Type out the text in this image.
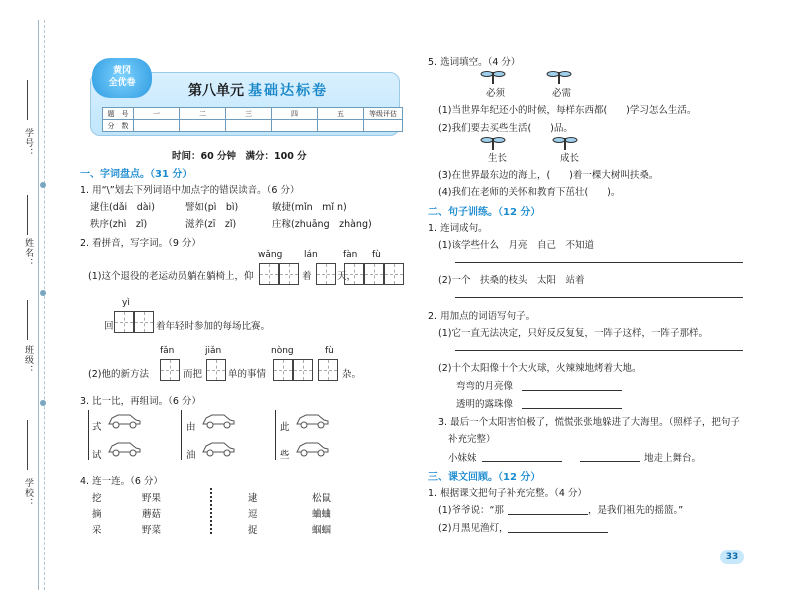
学号：
姓名：
班级：
学校：
黄冈
全优卷	第八单元 基础达标卷
题　号	一	二	三	四	五	等级评估
分　数						
时间：60 分钟　满分：100 分
一、字词盘点。（31 分）
1. 用“\”划去下列词语中加点字的错误读音。（6 分）
逮住(dǎi　dài)	譬如(pì　bì)	敏捷(mǐn　mǐ n)
秩序(zhì　zǐ)	滋养(zī　zǐ)	庄稼(zhuāng　zhàng)
2. 看拼音，写字词。（9 分）
wǎng lán	fàn fù
(1)这个退役的老运动员躺在躺椅上，仰	着	天，
yì
回	着年轻时参加的每场比赛。
fǎn	jiǎn	nòng	fù
(2)他的新方法	而把	单的事情	杂。
3. 比一比，再组词。（6 分）
式
试
由
油
此
些
4. 连一连。（6 分）
挖
摘
采
野果
蘑菇
野菜
逮
逗
捉
松鼠
蛐蛐
蝈蝈
5. 选词填空。（4 分）
必须	必需
(1)当世界年纪还小的时候，每样东西都(　　)学习怎么生活。
(2)我们要去买些生活(　　)品。
生长	成长
(3)在世界最东边的海上，(　　)着一棵大树叫扶桑。
(4)我们在老师的关怀和教育下茁壮(　　)。
二、句子训练。（12 分）
1. 连词成句。
(1)该学些什么　月亮　自己　不知道
(2)一个　扶桑的枝头　太阳　站着
2. 用加点的词语写句子。
(1)它一直无法决定，只好反反复复，一阵子这样，一阵子那样。
(2)十个太阳像十个大火球，火辣辣地烤着大地。
弯弯的月亮像
透明的露珠像
3. 最后一个太阳害怕极了，慌慌张张地躲进了大海里。（照样子，把句子
补充完整）
小妹妹	地走上舞台。
三、课文回顾。（12 分）
1. 根据课文把句子补充完整。（4 分）
(1)爷爷说：“那	，是我们祖先的摇篮。”
(2)月黑见渔灯，
33
